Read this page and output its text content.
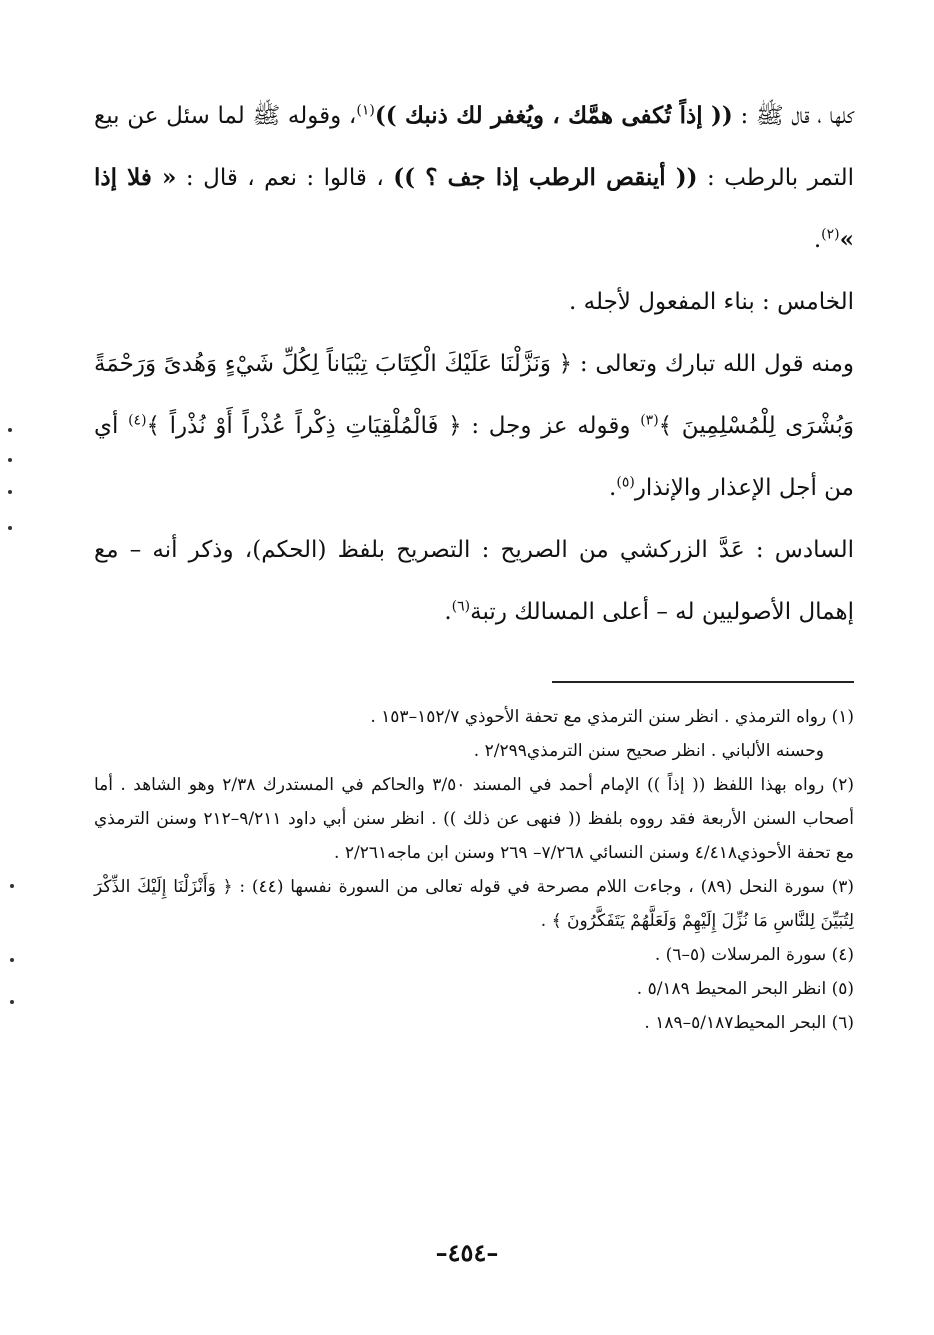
كلها ، قال ﷺ : (( إذاً تُكفى همَّك ، ويُغفر لك ذنبك ))$^{(١)}$، وقوله ﷺ لما سئل عن بيع التمر بالرطب : (( أينقص الرطب إذا جف ؟ )) ، قالوا : نعم ، قال : « فلا إذا »$^{(٢)}$.

الخامس : بناء المفعول لأجله .

ومنه قول الله تبارك وتعالى : ﴿ وَنَزَّلْنَا عَلَيْكَ الْكِتَابَ تِبْيَاناً لِكُلِّ شَيْءٍ وَهُدىً وَرَحْمَةً وَبُشْرَى لِلْمُسْلِمِينَ ﴾$^{(٣)}$ وقوله عز وجل : ﴿ فَالْمُلْقِيَاتِ ذِكْراً عُذْراً أَوْ نُذْراً ﴾$^{(٤)}$ أي من أجل الإعذار والإنذار$^{(٥)}$.

السادس : عَدَّ الزركشي من الصريح : التصريح بلفظ (الحكم)، وذكر أنه – مع إهمال الأصوليين له – أعلى المسالك رتبة$^{(٦)}$.

(١) رواه الترمذي . انظر سنن الترمذي مع تحفة الأحوذي ١٥٢/٧–١٥٣ .

وحسنه الألباني . انظر صحيح سنن الترمذي٢/٢٩٩ .

(٢) رواه بهذا اللفظ (( إذاً )) الإمام أحمد في المسند ٣/٥٠ والحاكم في المستدرك ٢/٣٨ وهو الشاهد . أما أصحاب السنن الأربعة فقد رووه بلفظ (( فنهى عن ذلك )) . انظر سنن أبي داود ٩/٢١١–٢١٢ وسنن الترمذي مع تحفة الأحوذي٤/٤١٨ وسنن النسائي ٧/٢٦٨– ٢٦٩ وسنن ابن ماجه٢/٢٦١ .

(٣) سورة النحل (٨٩) ، وجاءت اللام مصرحة في قوله تعالى من السورة نفسها (٤٤) : ﴿ وَأَنْزَلْنَا إِلَيْكَ الذِّكْرَ لِتُبَيِّنَ لِلنَّاسِ مَا نُزِّلَ إِلَيْهِمْ وَلَعَلَّهُمْ يَتَفَكَّرُونَ ﴾ .

(٤) سورة المرسلات (٥–٦) .

(٥) انظر البحر المحيط ٥/١٨٩ .

(٦) البحر المحيط٥/١٨٧–١٨٩ .

–٤٥٤–
